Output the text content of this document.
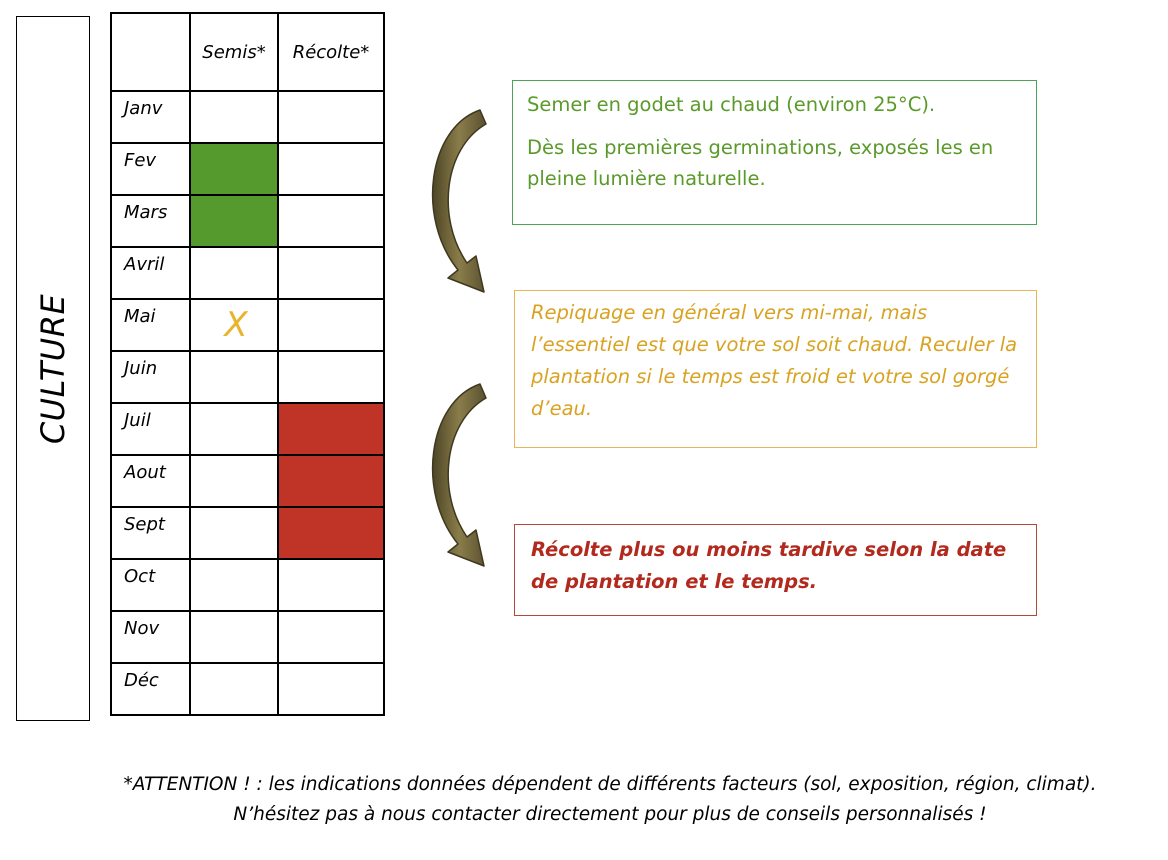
CULTURE
	Semis*	Récolte*
Janv		
Fev		
Mars		
Avril		
Mai	X	

Juin		
Juil		
Aout		
Sept		
Oct		
Nov		
Déc		

Semer en godet au chaud (environ 25°C).

Dès les premières germinations, exposés les en pleine lumière naturelle.

Repiquage en général vers mi-mai, mais l’essentiel est que votre sol soit chaud. Reculer la plantation si le temps est froid et votre sol gorgé d’eau.
Récolte plus ou moins tardive selon la date de plantation et le temps.
*ATTENTION ! : les indications données dépendent de différents facteurs (sol, exposition, région, climat). N’hésitez pas à nous contacter directement pour plus de conseils personnalisés !
